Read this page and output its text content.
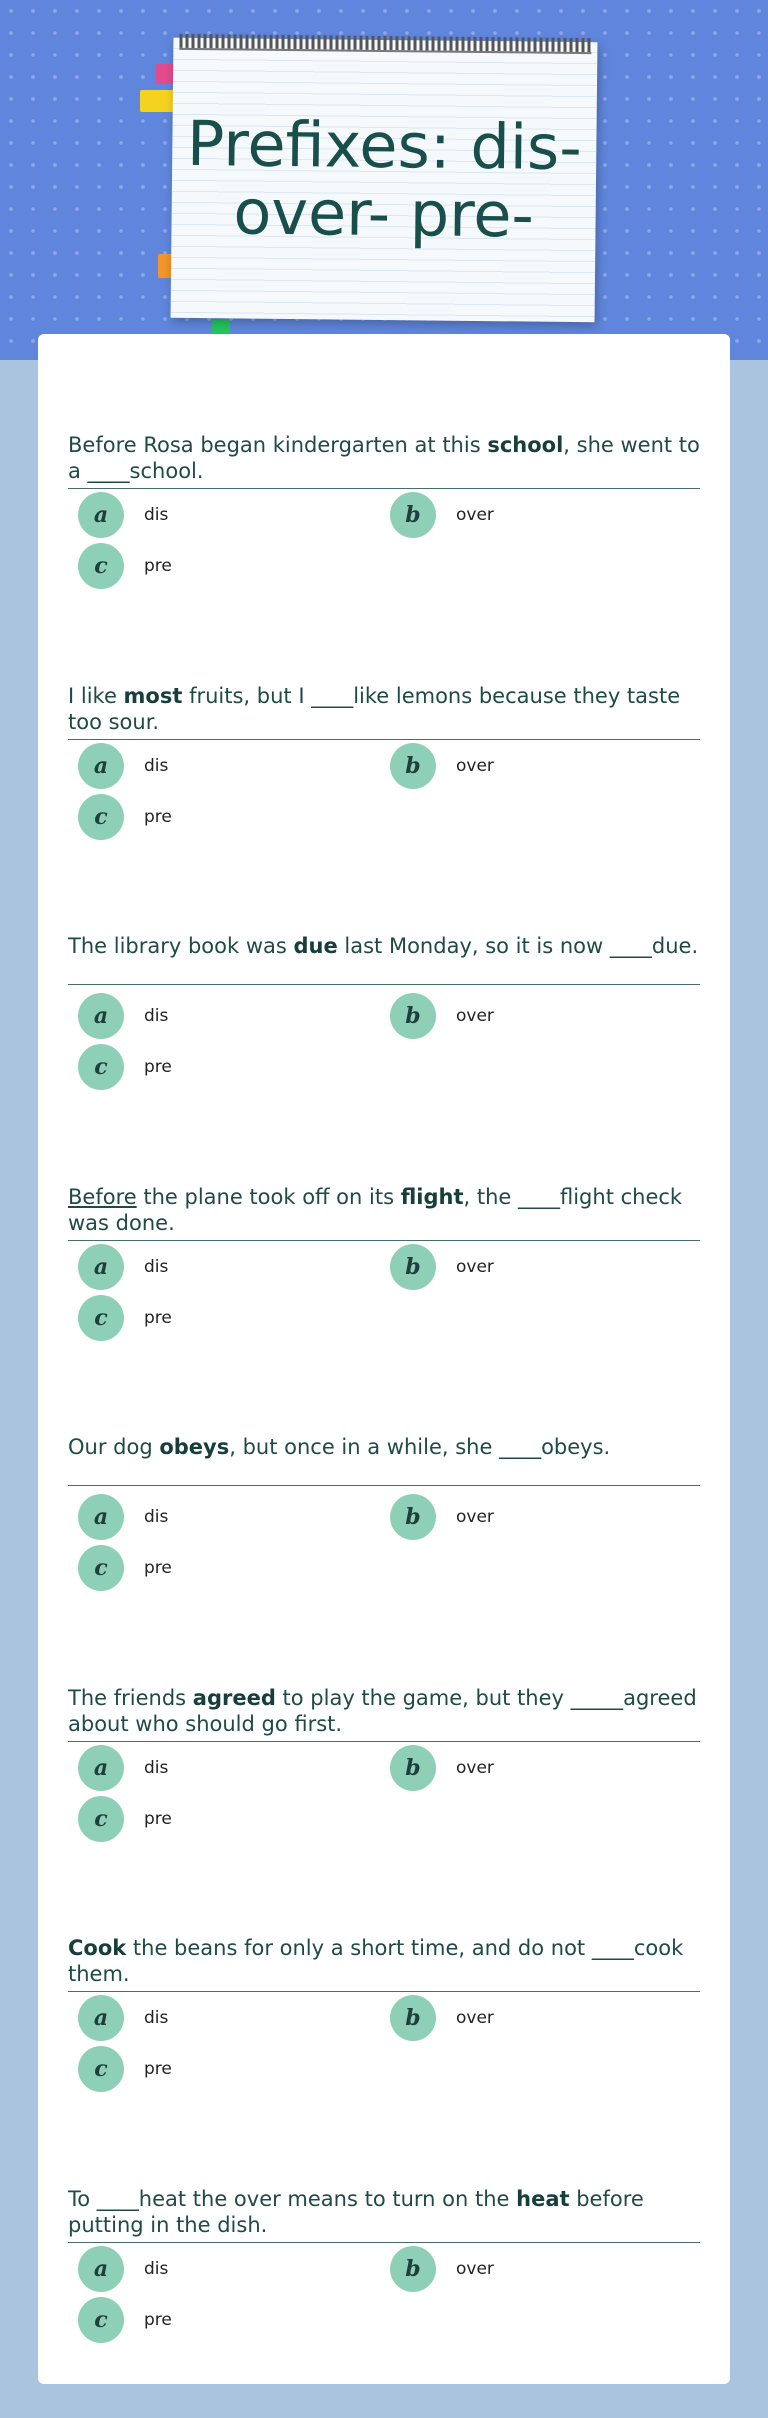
Prefixes: dis- over- pre-
Before Rosa began kindergarten at this school, she went to a ____school.
a	dis	b	over
c	pre
I like most fruits, but I ____like lemons because they taste too sour.
a	dis	b	over
c	pre
The library book was due last Monday, so it is now ____due.
a	dis	b	over
c	pre
Before the plane took off on its flight, the ____flight check was done.
a	dis	b	over
c	pre
Our dog obeys, but once in a while, she ____obeys.
a	dis	b	over
c	pre
The friends agreed to play the game, but they _____agreed about who should go first.
a	dis	b	over
c	pre
Cook the beans for only a short time, and do not ____cook them.
a	dis	b	over
c	pre
To ____heat the over means to turn on the heat before putting in the dish.
a	dis	b	over
c	pre
